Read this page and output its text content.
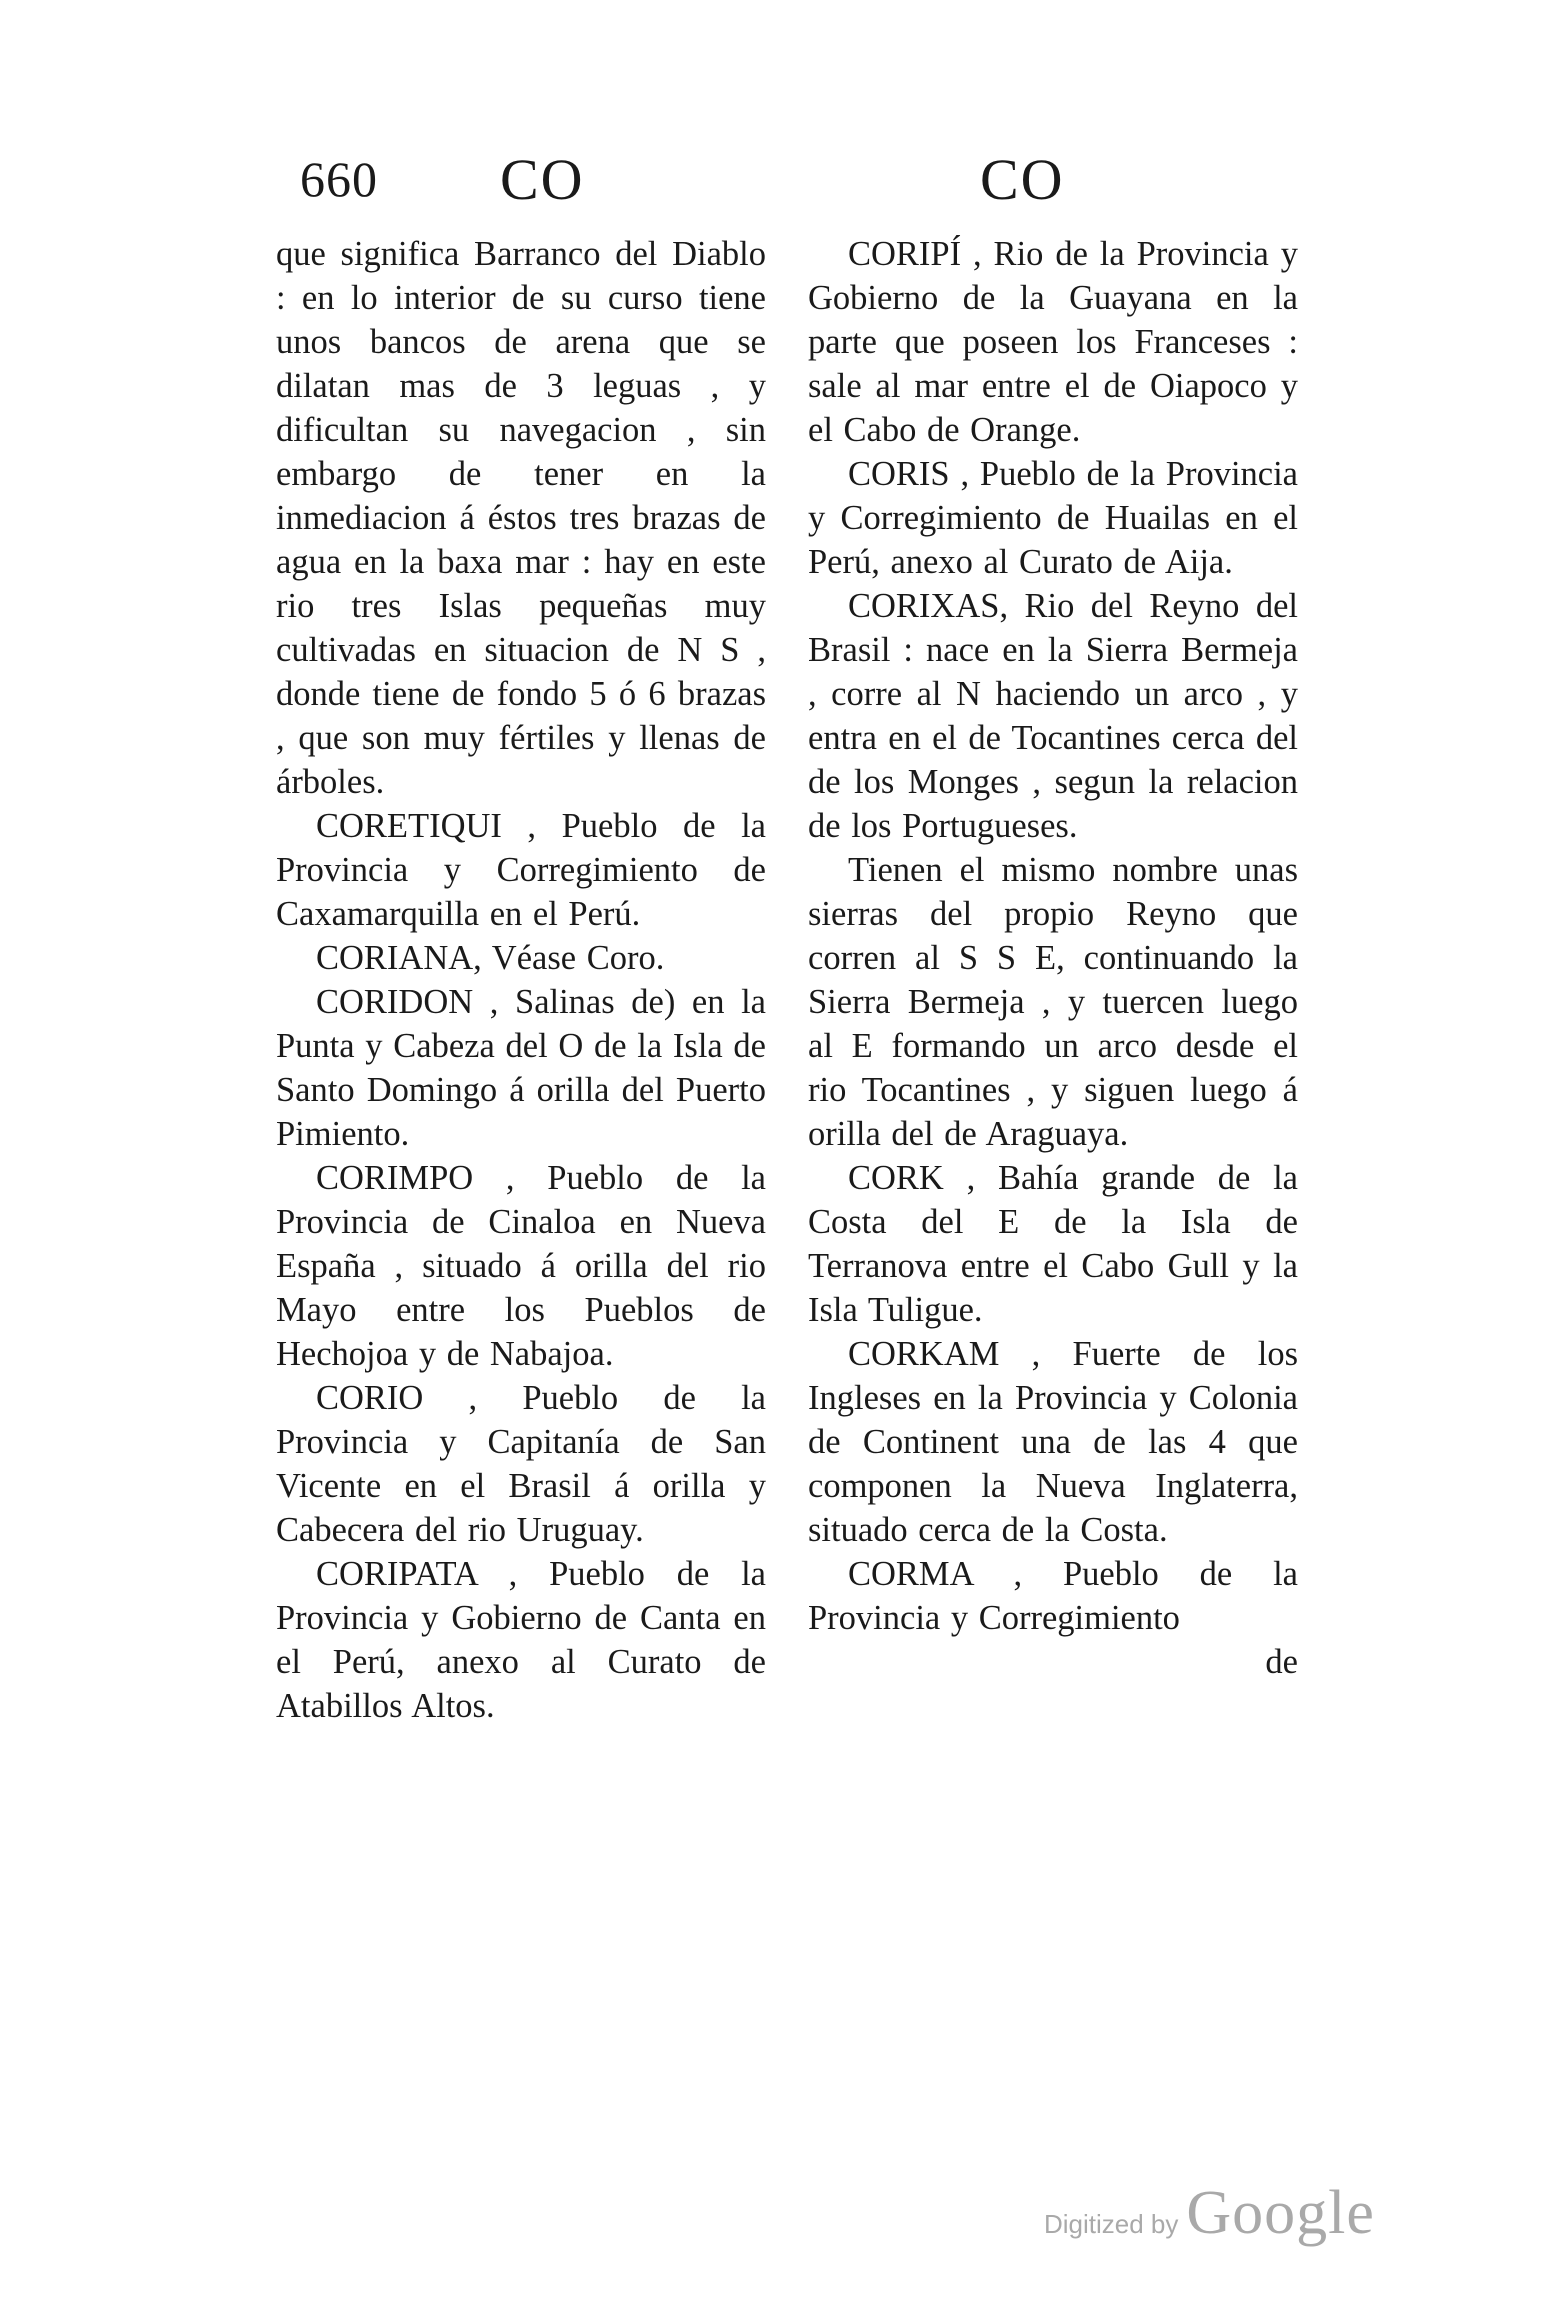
660 CO	CO

que significa Barranco del Diablo : en lo interior de su curso tiene unos bancos de arena que se dilatan mas de 3 leguas , y dificultan su navegacion , sin embargo de tener en la inmediacion á éstos tres brazas de agua en la baxa mar : hay en este rio tres Islas pequeñas muy cultivadas en situacion de N S , donde tiene de fondo 5 ó 6 brazas , que son muy fértiles y llenas de árboles.

CORETIQUI , Pueblo de la Provincia y Corregimiento de Caxamarquilla en el Perú.

CORIANA, Véase Coro.

CORIDON , Salinas de) en la Punta y Cabeza del O de la Isla de Santo Domingo á orilla del Puerto Pimiento.

CORIMPO , Pueblo de la Provincia de Cinaloa en Nueva España , situado á orilla del rio Mayo entre los Pueblos de Hechojoa y de Nabajoa.

CORIO , Pueblo de la Provincia y Capitanía de San Vicente en el Brasil á orilla y Cabecera del rio Uruguay.

CORIPATA , Pueblo de la Provincia y Gobierno de Canta en el Perú, anexo al Curato de Atabillos Altos.

CORIPÍ , Rio de la Provincia y Gobierno de la Guayana en la parte que poseen los Franceses : sale al mar entre el de Oiapoco y el Cabo de Orange.

CORIS , Pueblo de la Provincia y Corregimiento de Huailas en el Perú, anexo al Curato de Aija.

CORIXAS, Rio del Reyno del Brasil : nace en la Sierra Bermeja , corre al N haciendo un arco , y entra en el de Tocantines cerca del de los Monges , segun la relacion de los Portugueses.

Tienen el mismo nombre unas sierras del propio Reyno que corren al S S E, continuando la Sierra Bermeja , y tuercen luego al E formando un arco desde el rio Tocantines , y siguen luego á orilla del de Araguaya.

CORK , Bahía grande de la Costa del E de la Isla de Terranova entre el Cabo Gull y la Isla Tuligue.

CORKAM , Fuerte de los Ingleses en la Provincia y Colonia de Continent una de las 4 que componen la Nueva Inglaterra, situado cerca de la Costa.

CORMA , Pueblo de la Provincia y Corregimiento

de

Digitized by Google
